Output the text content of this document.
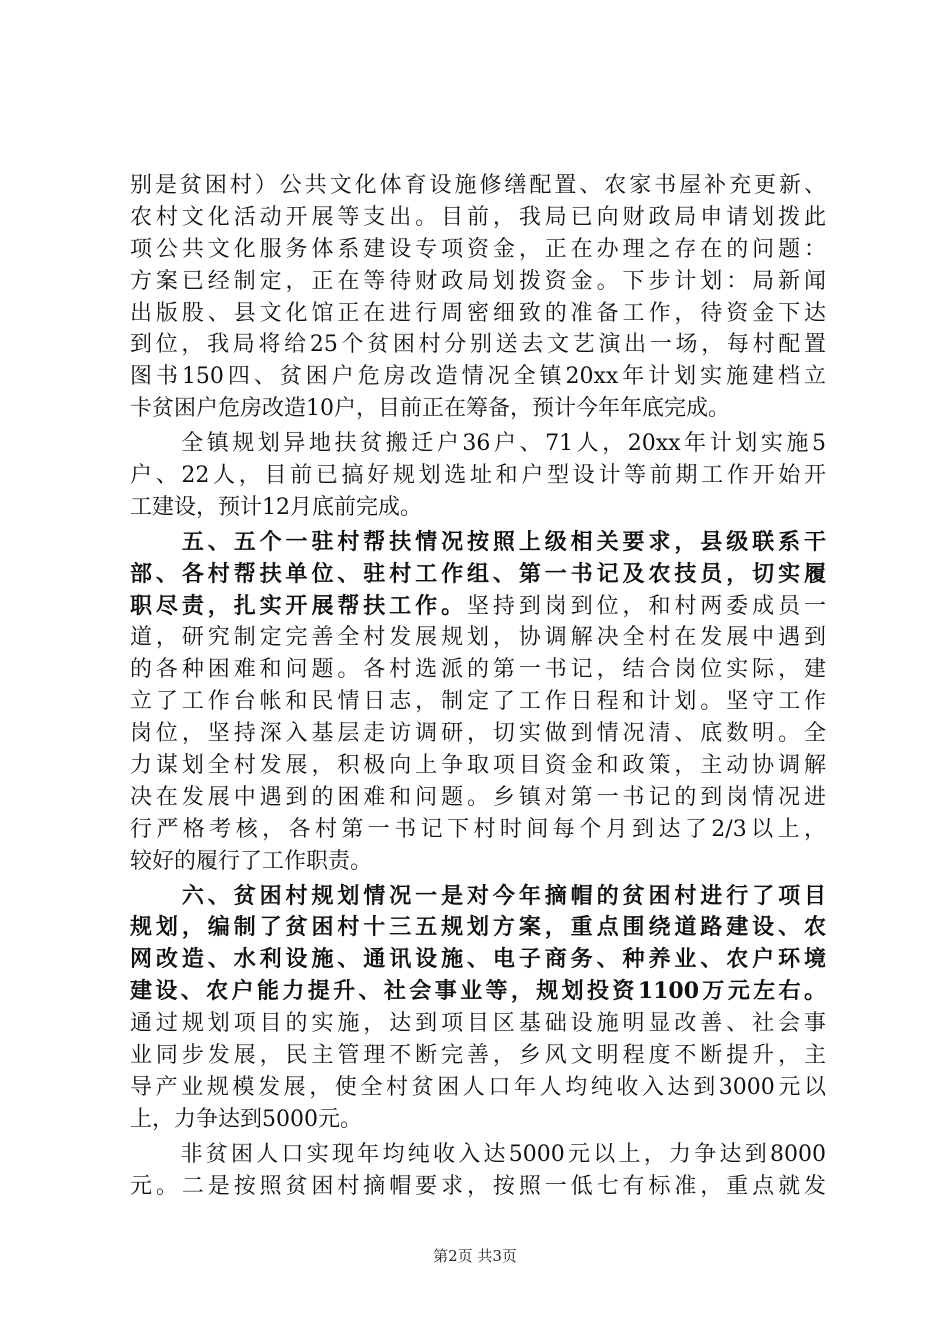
别是贫困村）公共文化体育设施修缮配置、农家书屋补充更新、
农村文化活动开展等支出。目前，我局已向财政局申请划拨此
项公共文化服务体系建设专项资金，正在办理之存在的问题：
方案已经制定，正在等待财政局划拨资金。下步计划：局新闻
出版股、县文化馆正在进行周密细致的准备工作，待资金下达
到位，我局将给25个贫困村分别送去文艺演出一场，每村配置
图书150四、贫困户危房改造情况全镇20xx年计划实施建档立
卡贫困户危房改造10户，目前正在筹备，预计今年年底完成。
　　全镇规划异地扶贫搬迁户36户、71人，20xx年计划实施5
户、22人，目前已搞好规划选址和户型设计等前期工作开始开
工建设，预计12月底前完成。
　　五、五个一驻村帮扶情况按照上级相关要求，县级联系干
部、各村帮扶单位、驻村工作组、第一书记及农技员，切实履
职尽责，扎实开展帮扶工作。坚持到岗到位，和村两委成员一
道，研究制定完善全村发展规划，协调解决全村在发展中遇到
的各种困难和问题。各村选派的第一书记，结合岗位实际，建
立了工作台帐和民情日志，制定了工作日程和计划。坚守工作
岗位，坚持深入基层走访调研，切实做到情况清、底数明。全
力谋划全村发展，积极向上争取项目资金和政策，主动协调解
决在发展中遇到的困难和问题。乡镇对第一书记的到岗情况进
行严格考核，各村第一书记下村时间每个月到达了2/3以上，
较好的履行了工作职责。
　　六、贫困村规划情况一是对今年摘帽的贫困村进行了项目
规划，编制了贫困村十三五规划方案，重点围绕道路建设、农
网改造、水利设施、通讯设施、电子商务、种养业、农户环境
建设、农户能力提升、社会事业等，规划投资1100万元左右。
通过规划项目的实施，达到项目区基础设施明显改善、社会事
业同步发展，民主管理不断完善，乡风文明程度不断提升，主
导产业规模发展，使全村贫困人口年人均纯收入达到3000元以
上，力争达到5000元。
　　非贫困人口实现年均纯收入达5000元以上，力争达到8000
元。二是按照贫困村摘帽要求，按照一低七有标准，重点就发
第2页 共3页
